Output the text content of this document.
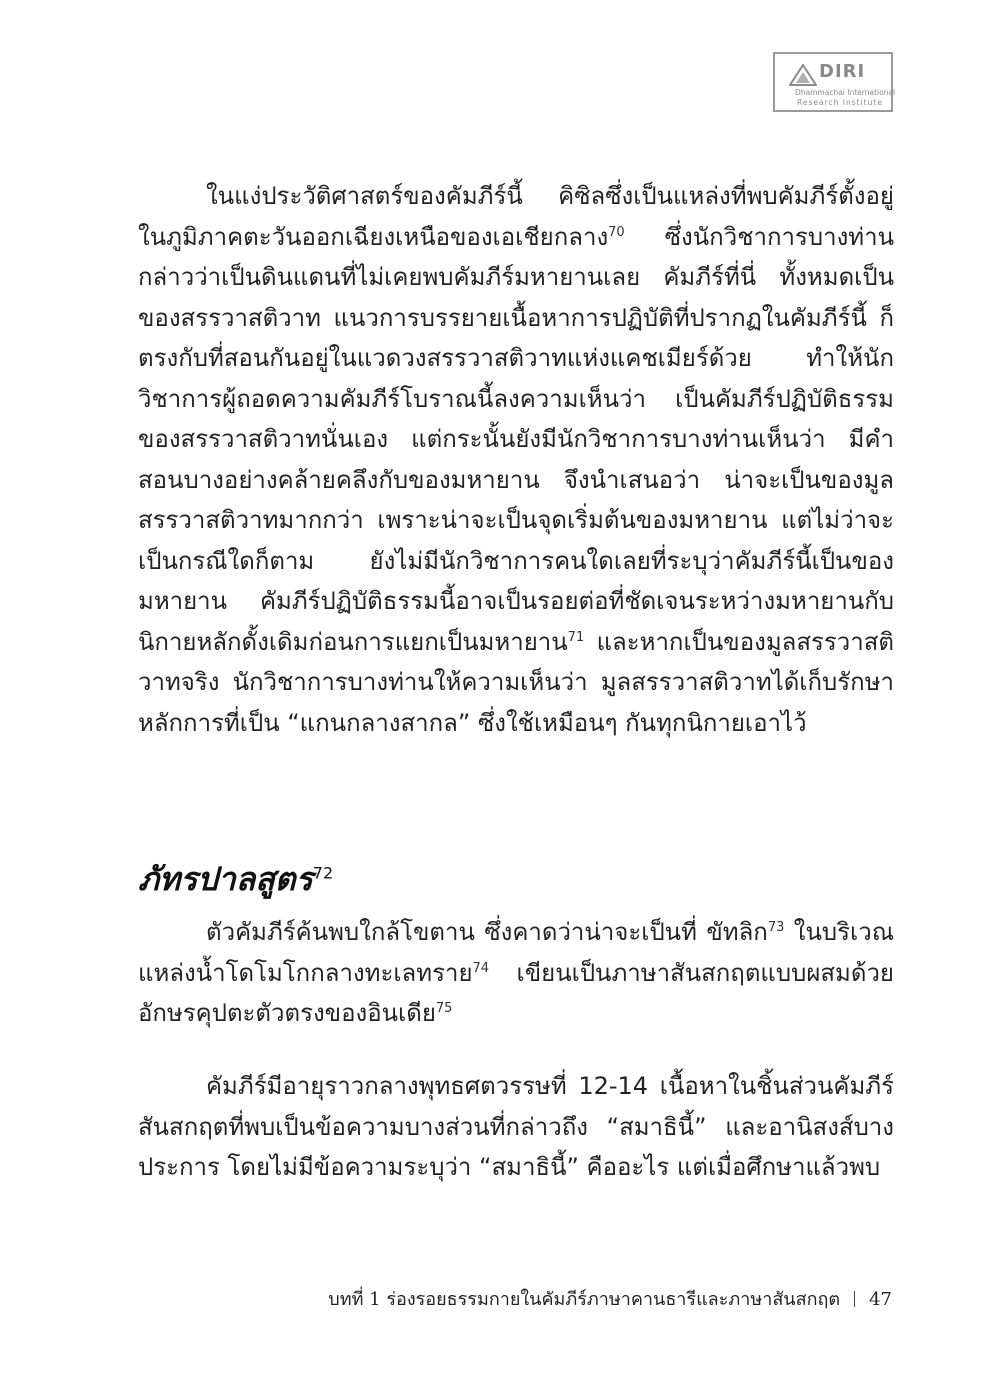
DIRI
Dhammachai International
Research Institute

ในแง่ประวัติศาสตร์ของคัมภีร์นี้ คิซิลซึ่งเป็นแหล่งที่พบคัมภีร์ตั้งอยู่ในภูมิภาคตะวันออกเฉียงเหนือของเอเชียกลาง$^{70}$ ซึ่งนักวิชาการบางท่านกล่าวว่าเป็นดินแดนที่ไม่เคยพบคัมภีร์มหายานเลย คัมภีร์ที่นี่ ทั้งหมดเป็นของสรรวาสติวาท แนวการบรรยายเนื้อหาการปฏิบัติที่ปรากฏในคัมภีร์นี้ ก็ตรงกับที่สอนกันอยู่ในแวดวงสรรวาสติวาทแห่งแคชเมียร์ด้วย ทำให้นักวิชาการผู้ถอดความคัมภีร์โบราณนี้ลงความเห็นว่า เป็นคัมภีร์ปฏิบัติธรรมของสรรวาสติวาทนั่นเอง แต่กระนั้นยังมีนักวิชาการบางท่านเห็นว่า มีคำสอนบางอย่างคล้ายคลึงกับของมหายาน จึงนำเสนอว่า น่าจะเป็นของมูลสรรวาสติวาทมากกว่า เพราะน่าจะเป็นจุดเริ่มต้นของมหายาน แต่ไม่ว่าจะเป็นกรณีใดก็ตาม ยังไม่มีนักวิชาการคนใดเลยที่ระบุว่าคัมภีร์นี้เป็นของมหายาน คัมภีร์ปฏิบัติธรรมนี้อาจเป็นรอยต่อที่ชัดเจนระหว่างมหายานกับนิกายหลักดั้งเดิมก่อนการแยกเป็นมหายาน$^{71}$ และหากเป็นของมูลสรรวาสติวาทจริง นักวิชาการบางท่านให้ความเห็นว่า มูลสรรวาสติวาทได้เก็บรักษาหลักการที่เป็น “แกนกลางสากล” ซึ่งใช้เหมือนๆ กันทุกนิกายเอาไว้

ภัทรปาลสูตร$^{72}$

ตัวคัมภีร์ค้นพบใกล้โขตาน ซึ่งคาดว่าน่าจะเป็นที่ ขัทลิก$^{73}$ ในบริเวณแหล่งน้ำโดโมโกกลางทะเลทราย$^{74}$ เขียนเป็นภาษาสันสกฤตแบบผสมด้วยอักษรคุปตะตัวตรงของอินเดีย$^{75}$

คัมภีร์มีอายุราวกลางพุทธศตวรรษที่ 12-14 เนื้อหาในชิ้นส่วนคัมภีร์สันสกฤตที่พบเป็นข้อความบางส่วนที่กล่าวถึง “สมาธินี้” และอานิสงส์บางประการ โดยไม่มีข้อความระบุว่า “สมาธินี้” คืออะไร แต่เมื่อศึกษาแล้วพบ

บทที่ 1 ร่องรอยธรรมกายในคัมภีร์ภาษาคานธารีและภาษาสันสกฤต 47
